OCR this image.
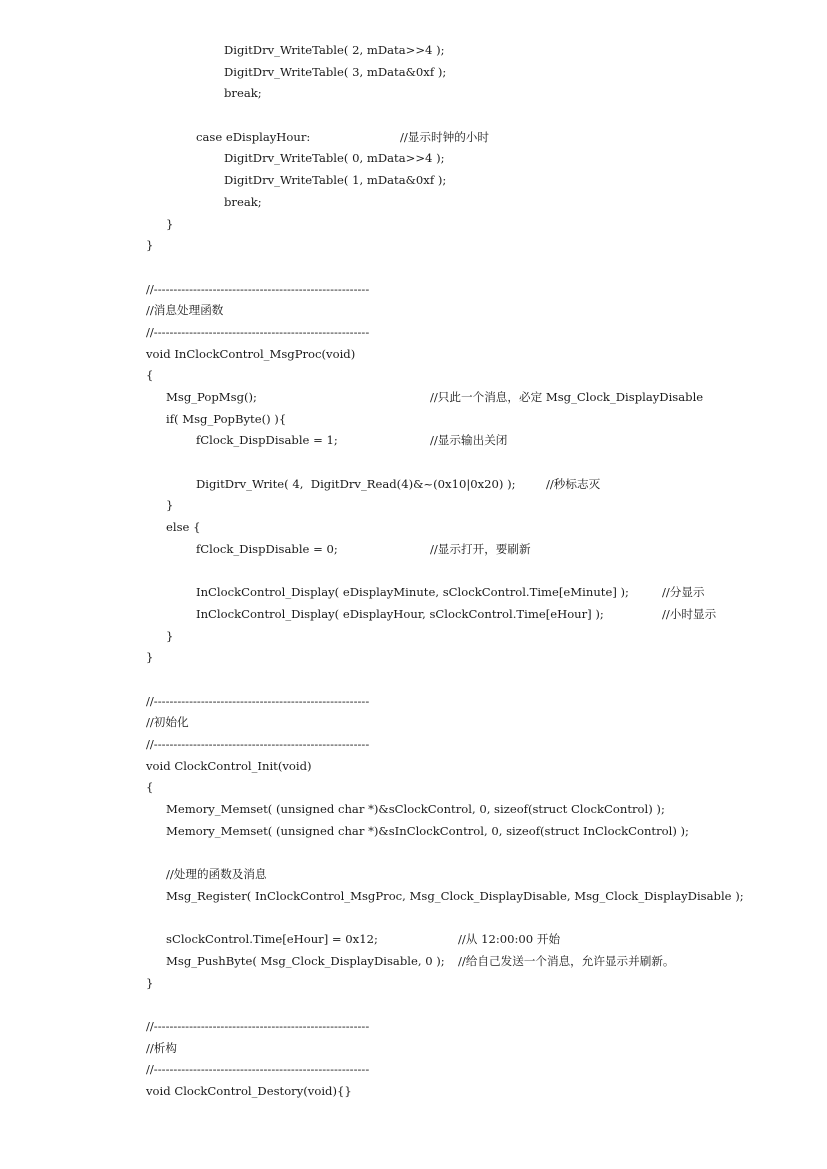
DigitDrv_WriteTable( 2, mData>>4 );
DigitDrv_WriteTable( 3, mData&0xf );
break;
case eDisplayHour:	//显示时钟的小时
DigitDrv_WriteTable( 0, mData>>4 );
DigitDrv_WriteTable( 1, mData&0xf );
break;
}
}
//-------------------------------------------------------
//消息处理函数
//-------------------------------------------------------
void InClockControl_MsgProc(void)
{
Msg_PopMsg();	//只此一个消息，必定 Msg_Clock_DisplayDisable
if( Msg_PopByte() ){
fClock_DispDisable = 1;	//显示输出关闭
DigitDrv_Write( 4,  DigitDrv_Read(4)&~(0x10|0x20) );	//秒标志灭
}
else {
fClock_DispDisable = 0;	//显示打开，要刷新
InClockControl_Display( eDisplayMinute, sClockControl.Time[eMinute] );	//分显示
InClockControl_Display( eDisplayHour, sClockControl.Time[eHour] );	//小时显示
}
}
//-------------------------------------------------------
//初始化
//-------------------------------------------------------
void ClockControl_Init(void)
{
Memory_Memset( (unsigned char *)&sClockControl, 0, sizeof(struct ClockControl) );
Memory_Memset( (unsigned char *)&sInClockControl, 0, sizeof(struct InClockControl) );
//处理的函数及消息
Msg_Register( InClockControl_MsgProc, Msg_Clock_DisplayDisable, Msg_Clock_DisplayDisable );
sClockControl.Time[eHour] = 0x12;	//从 12:00:00 开始
Msg_PushByte( Msg_Clock_DisplayDisable, 0 ); //给自己发送一个消息，允许显示并刷新。
}
//-------------------------------------------------------
//析构
//-------------------------------------------------------
void ClockControl_Destory(void){}
